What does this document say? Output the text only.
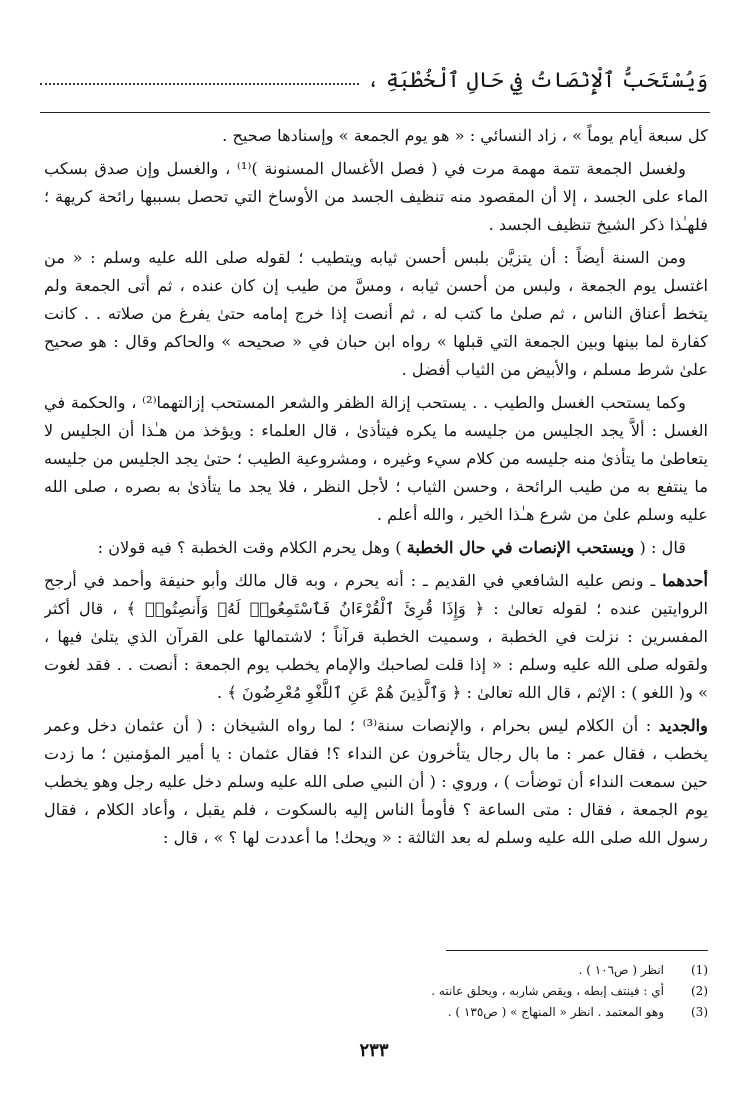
وَيُسْتَحَبُّ ٱلْإِنْصَاتُ فِي حَالِ ٱلْخُطْبَةِ ،

كل سبعة أيام يوماً » ، زاد النسائي : « هو يوم الجمعة » وإسنادها صحيح .

ولغسل الجمعة تتمة مهمة مرت في ( فصل الأغسال المسنونة )⁽¹⁾ ، والغسل وإن صدق بسكب الماء على الجسد ، إلا أن المقصود منه تنظيف الجسد من الأوساخ التي تحصل بسببها رائحة كريهة ؛ فلهـٰذا ذكر الشيخ تنظيف الجسد .

ومن السنة أيضاً : أن يتزيَّن بلبس أحسن ثيابه ويتطيب ؛ لقوله صلى الله عليه وسلم : « من اغتسل يوم الجمعة ، ولبس من أحسن ثيابه ، ومسَّ من طيب إن كان عنده ، ثم أتى الجمعة ولم يتخط أعناق الناس ، ثم صلىٰ ما كتب له ، ثم أنصت إذا خرج إمامه حتىٰ يفرغ من صلاته . . كانت كفارة لما بينها وبين الجمعة التي قبلها » رواه ابن حبان في « صحيحه » والحاكم وقال : هو صحيح علىٰ شرط مسلم ، والأبيض من الثياب أفضل .

وكما يستحب الغسل والطيب . . يستحب إزالة الظفر والشعر المستحب إزالتهما⁽²⁾ ، والحكمة في الغسل : ألاَّ يجد الجليس من جليسه ما يكره فيتأذىٰ ، قال العلماء : ويؤخذ من هـٰذا أن الجليس لا يتعاطىٰ ما يتأذىٰ منه جليسه من كلام سيء وغيره ، ومشروعية الطيب ؛ حتىٰ يجد الجليس من جليسه ما ينتفع به من طيب الرائحة ، وحسن الثياب ؛ لأجل النظر ، فلا يجد ما يتأذىٰ به بصره ، صلى الله عليه وسلم علىٰ من شرع هـٰذا الخير ، والله أعلم .

قال : ( ويستحب الإنصات في حال الخطبة ) وهل يحرم الكلام وقت الخطبة ؟ فيه قولان :

أحدهما ـ ونص عليه الشافعي في القديم ـ : أنه يحرم ، وبه قال مالك وأبو حنيفة وأحمد في أرجح الروايتين عنده ؛ لقوله تعالىٰ : ﴿ وَإِذَا قُرِئَ ٱلْقُرْءَانُ فَٱسْتَمِعُوا۟ لَهُۥ وَأَنصِتُوا۟ ﴾ ، قال أكثر المفسرين : نزلت في الخطبة ، وسميت الخطبة قرآناً ؛ لاشتمالها على القرآن الذي يتلىٰ فيها ، ولقوله صلى الله عليه وسلم : « إذا قلت لصاحبك والإمام يخطب يوم الجمعة : أنصت . . فقد لغوت » و( اللغو ) : الإثم ، قال الله تعالىٰ : ﴿ وَٱلَّذِينَ هُمْ عَنِ ٱللَّغْوِ مُعْرِضُونَ ﴾ .

والجديد : أن الكلام ليس بحرام ، والإنصات سنة⁽³⁾ ؛ لما رواه الشيخان : ( أن عثمان دخل وعمر يخطب ، فقال عمر : ما بال رجال يتأخرون عن النداء ؟! فقال عثمان : يا أمير المؤمنين ؛ ما زدت حين سمعت النداء أن توضأت ) ، وروي : ( أن النبي صلى الله عليه وسلم دخل عليه رجل وهو يخطب يوم الجمعة ، فقال : متى الساعة ؟ فأومأ الناس إليه بالسكوت ، فلم يقبل ، وأعاد الكلام ، فقال رسول الله صلى الله عليه وسلم له بعد الثالثة : « ويحك! ما أعددت لها ؟ » ، قال :

(1)
انظر ( ص١٠٦ ) .
(2)
أي : فينتف إبطه ، ويقص شاربه ، ويحلق عانته .
(3)
وهو المعتمد . انظر « المنهاج » ( ص١٣٥ ) .
٢٣٣
